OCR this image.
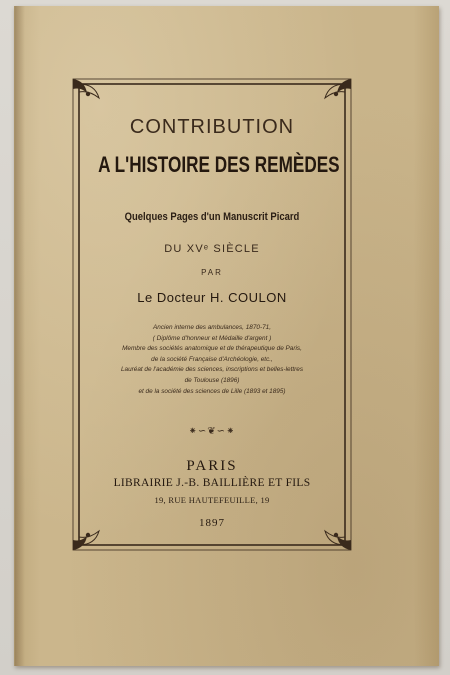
CONTRIBUTION
A L'HISTOIRE DES REMÈDES
Quelques Pages d'un Manuscrit Picard
DU XVᵉ SIÈCLE
PAR
Le Docteur H. COULON
Ancien interne des ambulances, 1870-71,
( Diplôme d'honneur et Médaille d'argent )
Membre des sociétés anatomique et de thérapeutique de Paris,
de la société Française d'Archéologie, etc.,
Lauréat de l'académie des sciences, inscriptions et belles-lettres
de Toulouse (1896)
et de la société des sciences de Lille (1893 et 1895)
⁕∽❦∽⁕
PARIS
LIBRAIRIE J.-B. BAILLIÈRE ET FILS
19, RUE HAUTEFEUILLE, 19
1897
